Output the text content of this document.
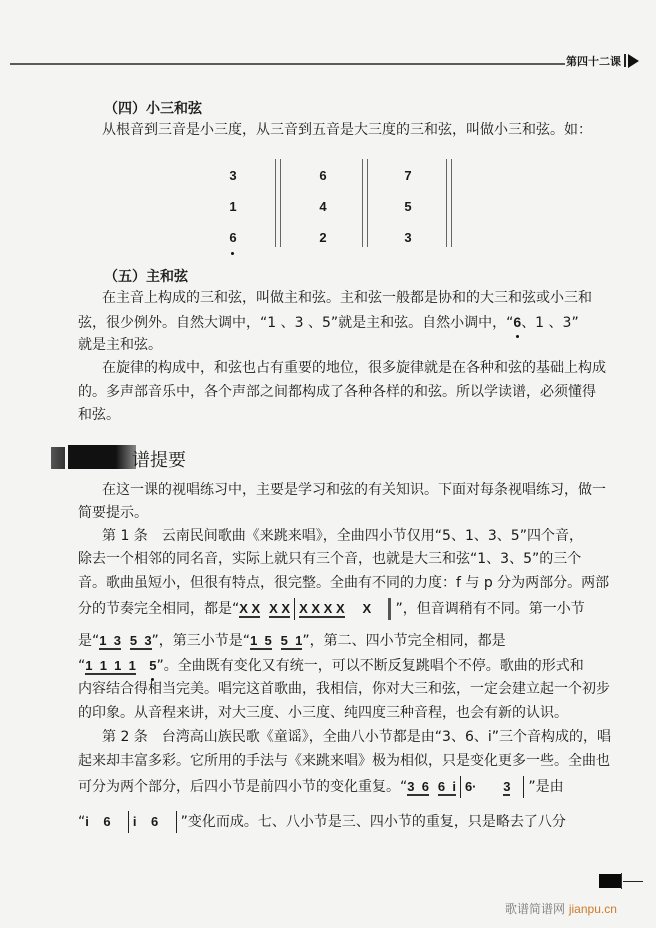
第四十二课
（四）小三和弦
从根音到三音是小三度，从三音到五音是大三度的三和弦，叫做小三和弦。如：
3
1
6
6
4
2
7
5
3
（五）主和弦
在主音上构成的三和弦，叫做主和弦。主和弦一般都是协和的大三和弦或小三和
弦，很少例外。自然大调中，“1 、3 、5”就是主和弦。自然小调中，“6、1 、3”
就是主和弦。
在旋律的构成中，和弦也占有重要的地位，很多旋律就是在各种和弦的基础上构成
的。多声部音乐中，各个声部之间都构成了各种各样的和弦。所以学读谱，必须懂得
和弦。
谱提要
在这一课的视唱练习中，主要是学习和弦的有关知识。下面对每条视唱练习，做一
简要提示。
第 1 条　云南民间歌曲《来跳来唱》，全曲四小节仅用“5、1、3、5”四个音，
除去一个相邻的同名音，实际上就只有三个音，也就是大三和弦“1、3、5”的三个
音。歌曲虽短小，但很有特点，很完整。全曲有不同的力度：f 与 p 分为两部分。两部
分的节奏完全相同，都是“X X X X X X X X X ”，但音调稍有不同。第一小节
是“1  3 5  3”，第三小节是“1  5 5  1”，第二、四小节完全相同，都是
“1  1  1  1 5”。全曲既有变化又有统一，可以不断反复跳唱个不停。歌曲的形式和
内容结合得相当完美。唱完这首歌曲，我相信，你对大三和弦，一定会建立起一个初步
的印象。从音程来讲，对大三度、小三度、纯四度三种音程，也会有新的认识。
第 2 条　台湾高山族民歌《童谣》，全曲八小节都是由“3、6、i”三个音构成的，唱
起来却丰富多彩。它所用的手法与《来跳来唱》极为相似，只是变化更多一些。全曲也
可分为两个部分，后四小节是前四小节的变化重复。“3  6 6  i 6· 3 ”是由
“i    6 i    6 ”变化而成。七、八小节是三、四小节的重复，只是略去了八分
歌谱简谱网 jianpu.cn
